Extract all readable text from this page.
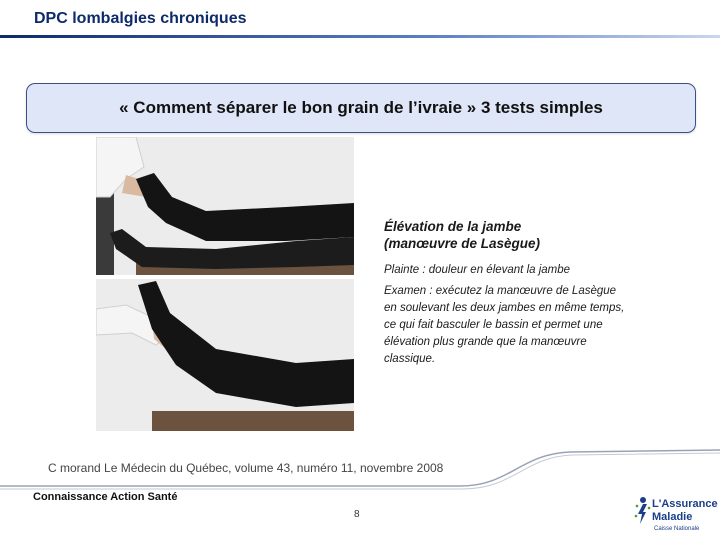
DPC lombalgies chroniques
« Comment séparer le bon grain de l’ivraie » 3 tests simples
Élévation de la jambe
(manœuvre de Lasègue)
Plainte : douleur en élevant la jambe
Examen : exécutez la manœuvre de Lasègue
en soulevant les deux jambes en même temps,
ce qui fait basculer le bassin et permet une
élévation plus grande que la manœuvre classique.
C morand Le Médecin du Québec, volume 43, numéro 11, novembre 2008
Connaissance Action Santé
8
L'Assurance
Maladie
Caisse Nationale
